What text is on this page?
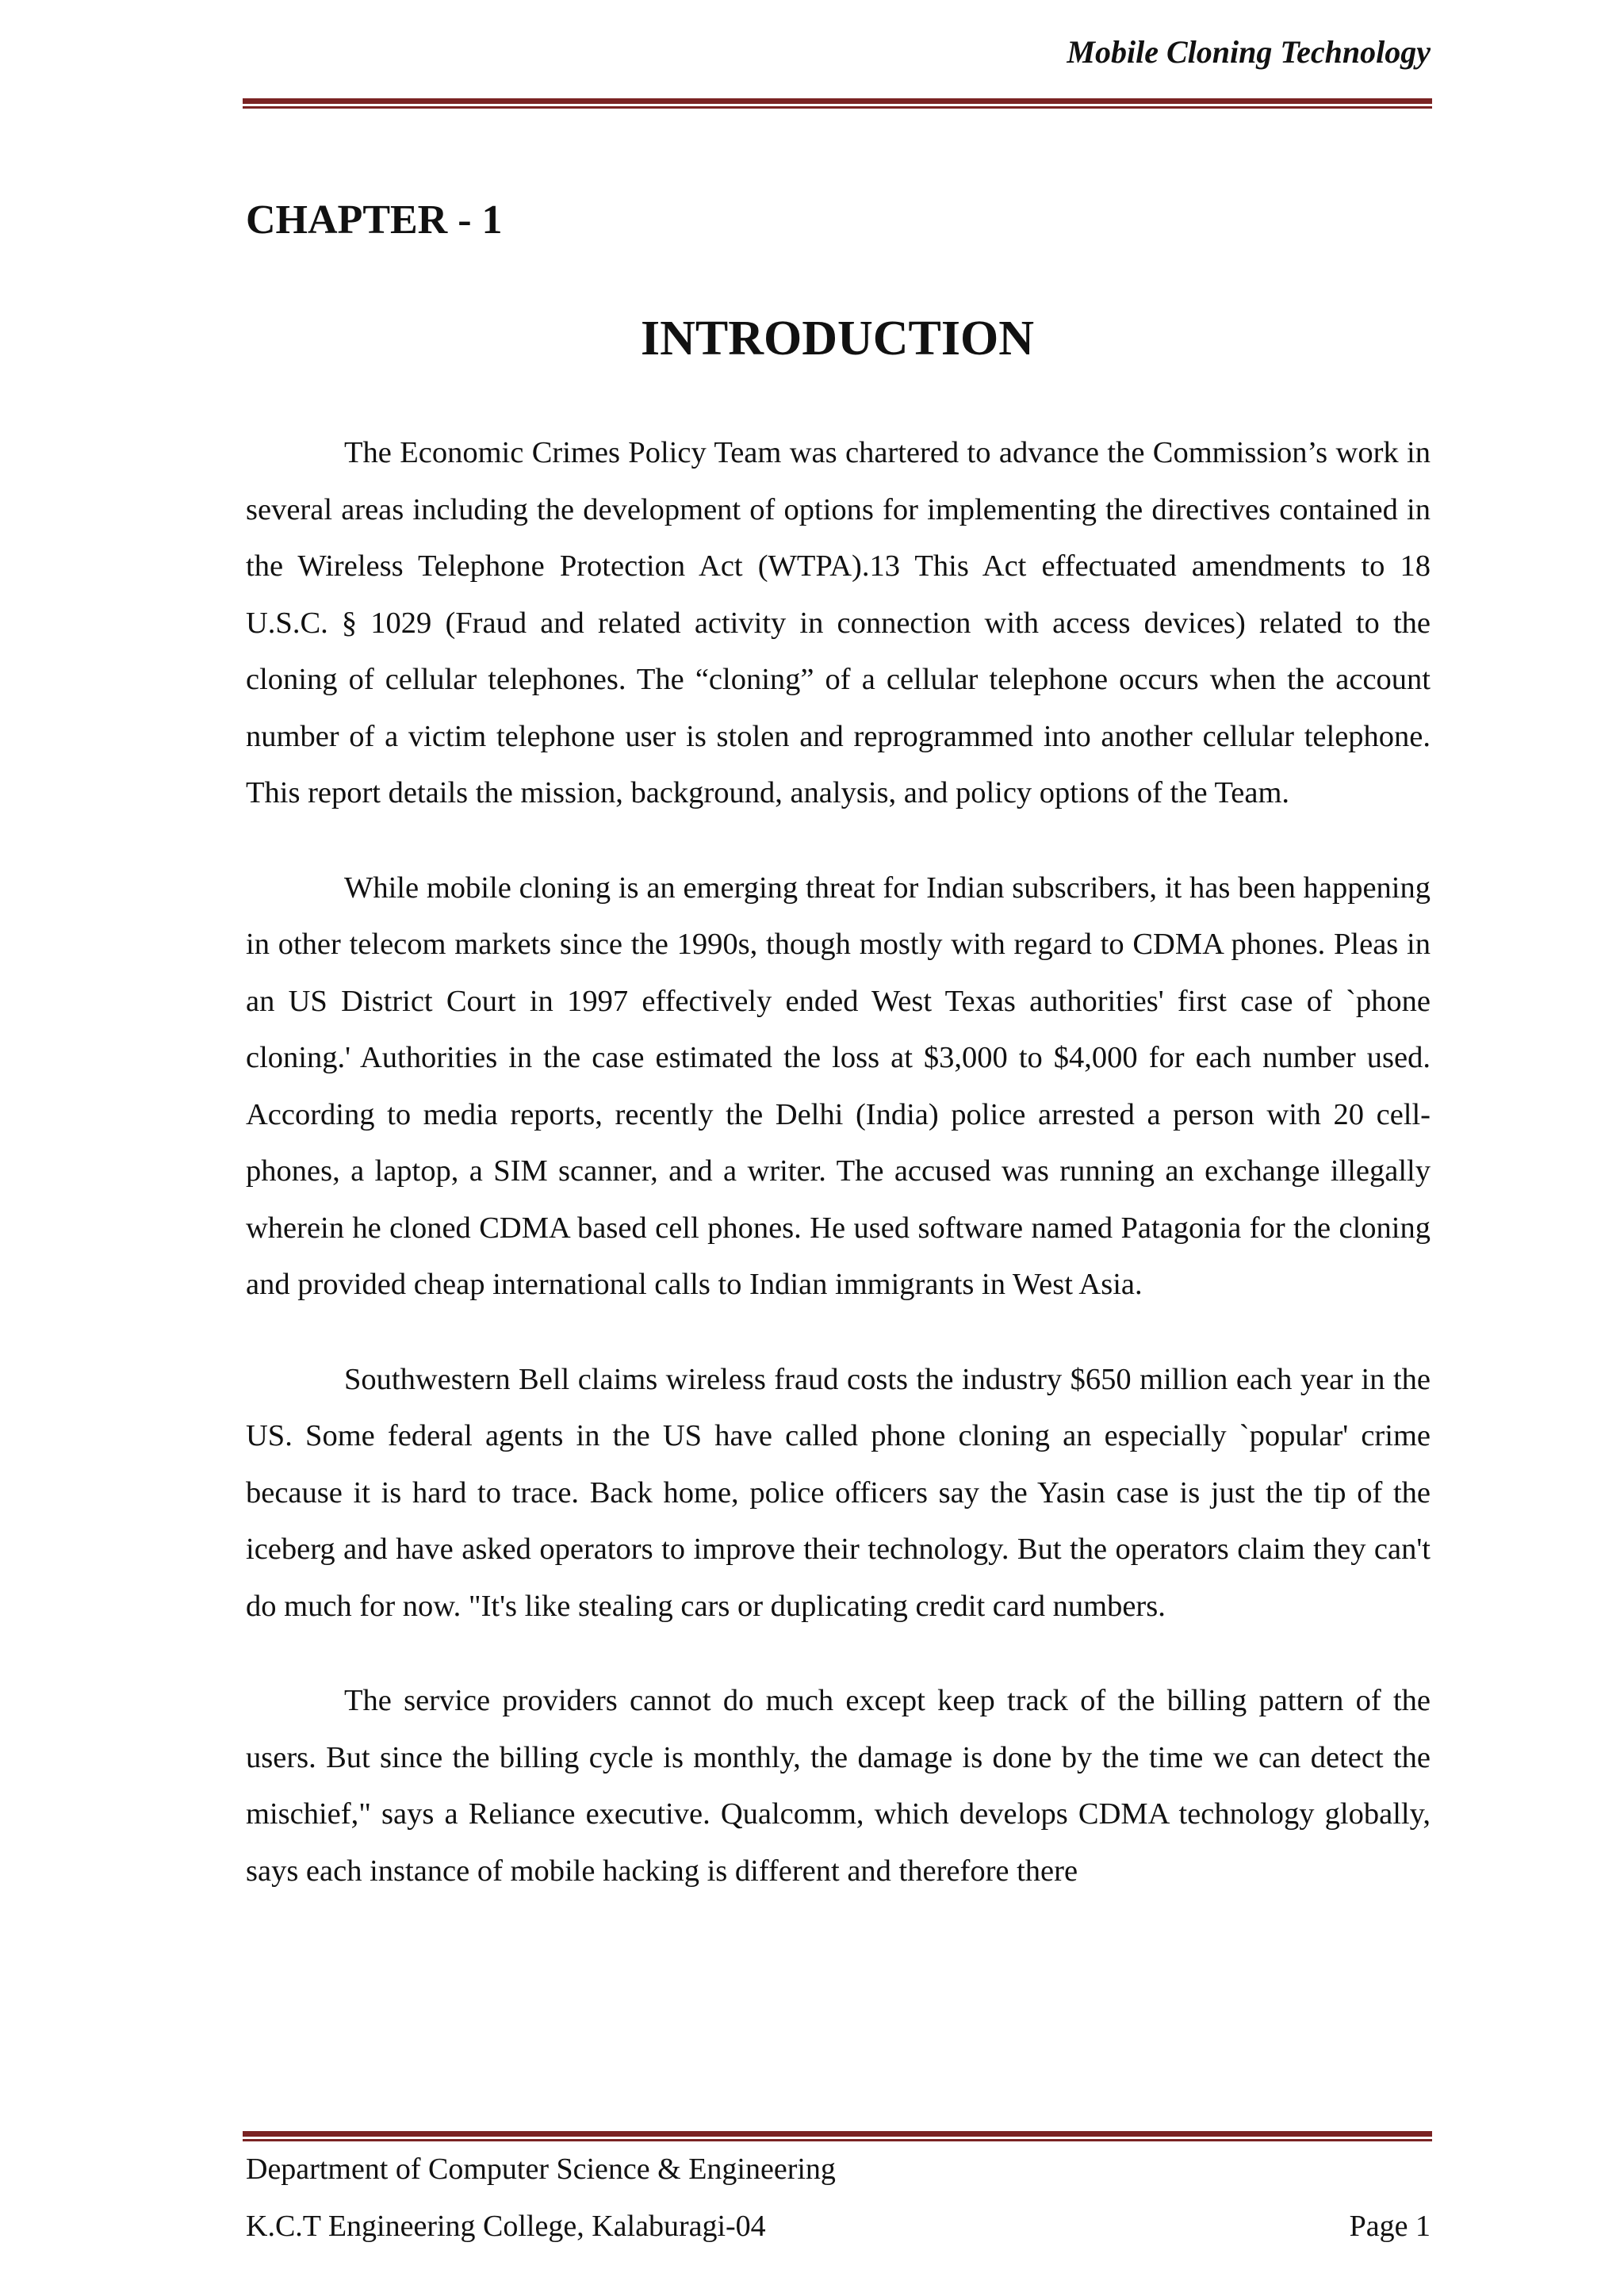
Mobile Cloning Technology
CHAPTER - 1
INTRODUCTION

The Economic Crimes Policy Team was chartered to advance the Commission’s work in several areas including the development of options for implementing the directives contained in the Wireless Telephone Protection Act (WTPA).13 This Act effectuated amendments to 18 U.S.C. § 1029 (Fraud and related activity in connection with access devices) related to the cloning of cellular telephones. The “cloning” of a cellular telephone occurs when the account number of a victim telephone user is stolen and reprogrammed into another cellular telephone. This report details the mission, background, analysis, and policy options of the Team.

While mobile cloning is an emerging threat for Indian subscribers, it has been happening in other telecom markets since the 1990s, though mostly with regard to CDMA phones. Pleas in an US District Court in 1997 effectively ended West Texas authorities' first case of `phone cloning.' Authorities in the case estimated the loss at $3,000 to $4,000 for each number used. According to media reports, recently the Delhi (India) police arrested a person with 20 cell- phones, a laptop, a SIM scanner, and a writer. The accused was running an exchange illegally wherein he cloned CDMA based cell phones. He used software named Patagonia for the cloning and provided cheap international calls to Indian immigrants in West Asia.

Southwestern Bell claims wireless fraud costs the industry $650 million each year in the US. Some federal agents in the US have called phone cloning an especially `popular' crime because it is hard to trace. Back home, police officers say the Yasin case is just the tip of the iceberg and have asked operators to improve their technology. But the operators claim they can't do much for now. "It's like stealing cars or duplicating credit card numbers.

The service providers cannot do much except keep track of the billing pattern of the users. But since the billing cycle is monthly, the damage is done by the time we can detect the mischief," says a Reliance executive. Qualcomm, which develops CDMA technology globally, says each instance of mobile hacking is different and therefore there

Department of Computer Science & Engineering
K.C.T Engineering College, Kalaburagi-04	Page 1
